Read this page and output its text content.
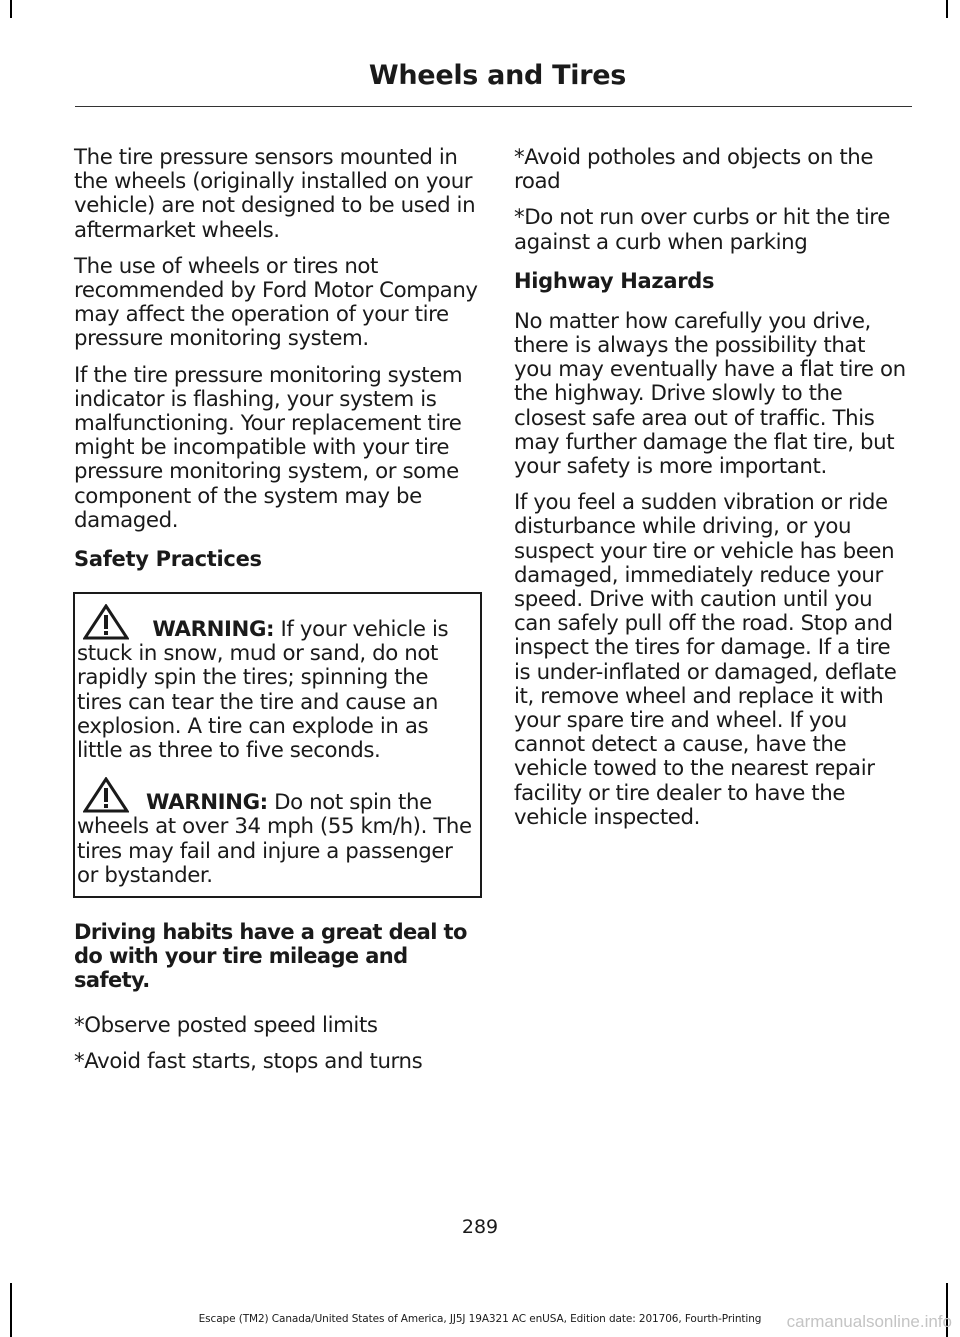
Wheels and Tires

The tire pressure sensors mounted in the wheels (originally installed on your vehicle) are not designed to be used in aftermarket wheels.

The use of wheels or tires not recommended by Ford Motor Company may affect the operation of your tire pressure monitoring system.

If the tire pressure monitoring system indicator is flashing, your system is malfunctioning. Your replacement tire might be incompatible with your tire pressure monitoring system, or some component of the system may be damaged.

Safety Practices

WARNING: If your vehicle is stuck in snow, mud or sand, do not rapidly spin the tires; spinning the tires can tear the tire and cause an explosion. A tire can explode in as little as three to five seconds.

WARNING: Do not spin the wheels at over 34 mph (55 km/h). The tires may fail and injure a passenger or bystander.

Driving habits have a great deal to do with your tire mileage and safety.

*Observe posted speed limits

*Avoid fast starts, stops and turns

*Avoid potholes and objects on the road

*Do not run over curbs or hit the tire against a curb when parking

Highway Hazards

No matter how carefully you drive, there is always the possibility that you may eventually have a flat tire on the highway. Drive slowly to the closest safe area out of traffic. This may further damage the flat tire, but your safety is more important.

If you feel a sudden vibration or ride disturbance while driving, or you suspect your tire or vehicle has been damaged, immediately reduce your speed. Drive with caution until you can safely pull off the road. Stop and inspect the tires for damage. If a tire is under-inflated or damaged, deflate it, remove wheel and replace it with your spare tire and wheel. If you cannot detect a cause, have the vehicle towed to the nearest repair facility or tire dealer to have the vehicle inspected.

289
Escape (TM2) Canada/United States of America, JJ5J 19A321 AC enUSA, Edition date: 201706, Fourth-Printing	carmanualsonline.info
